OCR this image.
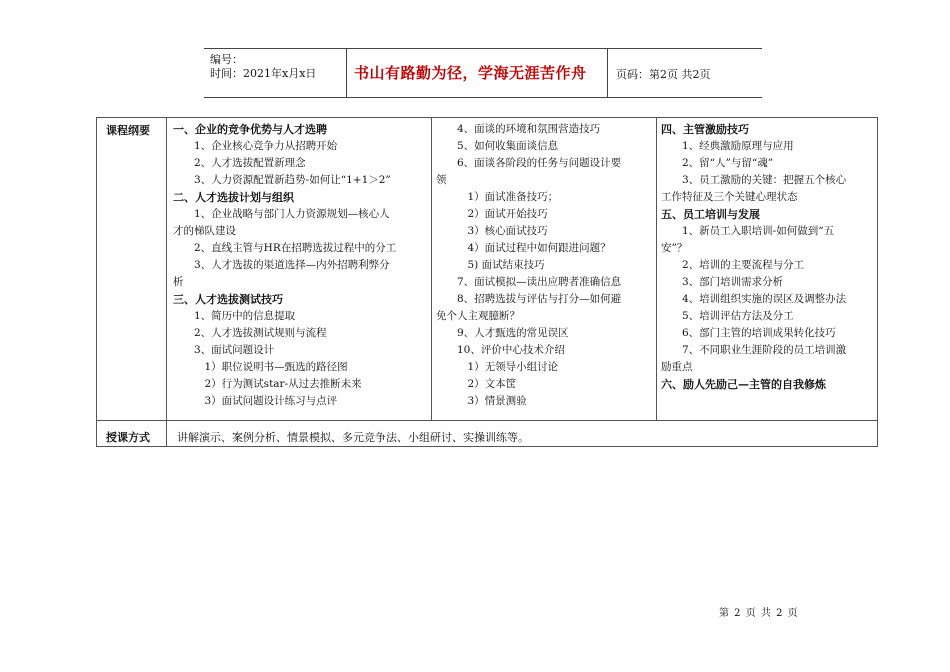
编号：
时间：2021年x月x日	书山有路勤为径，学海无涯苦作舟	页码：第2页 共2页
课程纲要 一、企业的竞争优势与人才选聘
　　1、企业核心竞争力从招聘开始
　　2、人才选拔配置新理念
　　3、人力资源配置新趋势-如何让“1+1＞2”
二、人才选拔计划与组织
　　1、企业战略与部门人力资源规划—核心人
才的梯队建设
　　2、直线主管与HR在招聘选拔过程中的分工
　　3、人才选拔的渠道选择—内外招聘利弊分
析
三、人才选拔测试技巧
　　1、简历中的信息提取
　　2、人才选拔测试规则与流程
　　3、面试问题设计
　　　1）职位说明书—甄选的路径图
　　　2）行为测试star-从过去推断未来
　　　3）面试问题设计练习与点评
　　4、面谈的环境和氛围营造技巧
　　5、如何收集面谈信息
　　6、面谈各阶段的任务与问题设计要
领
　　　1）面试准备技巧；
　　　2）面试开始技巧
　　　3）核心面试技巧
　　　4）面试过程中如何跟进问题？
　　　5) 面试结束技巧
　　7、面试模拟—读出应聘者准确信息
　　8、招聘选拔与评估与打分—如何避
免个人主观臆断？
　　9、人才甄选的常见误区
　　10、评价中心技术介绍
　　　1）无领导小组讨论
　　　2）文本筐
　　　3）情景测验
四、主管激励技巧
　　1、经典激励原理与应用
　　2、留“人”与留“魂”
　　3、员工激励的关键：把握五个核心
工作特征及三个关键心理状态
五、员工培训与发展
　　1、新员工入职培训-如何做到“五
安”？
　　2、培训的主要流程与分工
　　3、部门培训需求分析
　　4、培训组织实施的误区及调整办法
　　5、培训评估方法及分工
　　6、部门主管的培训成果转化技巧
　　7、不同职业生涯阶段的员工培训激
励重点
六、励人先励己—主管的自我修炼
授课方式 讲解演示、案例分析、情景模拟、多元竞争法、小组研讨、实操训练等。
第 2 页 共 2 页
